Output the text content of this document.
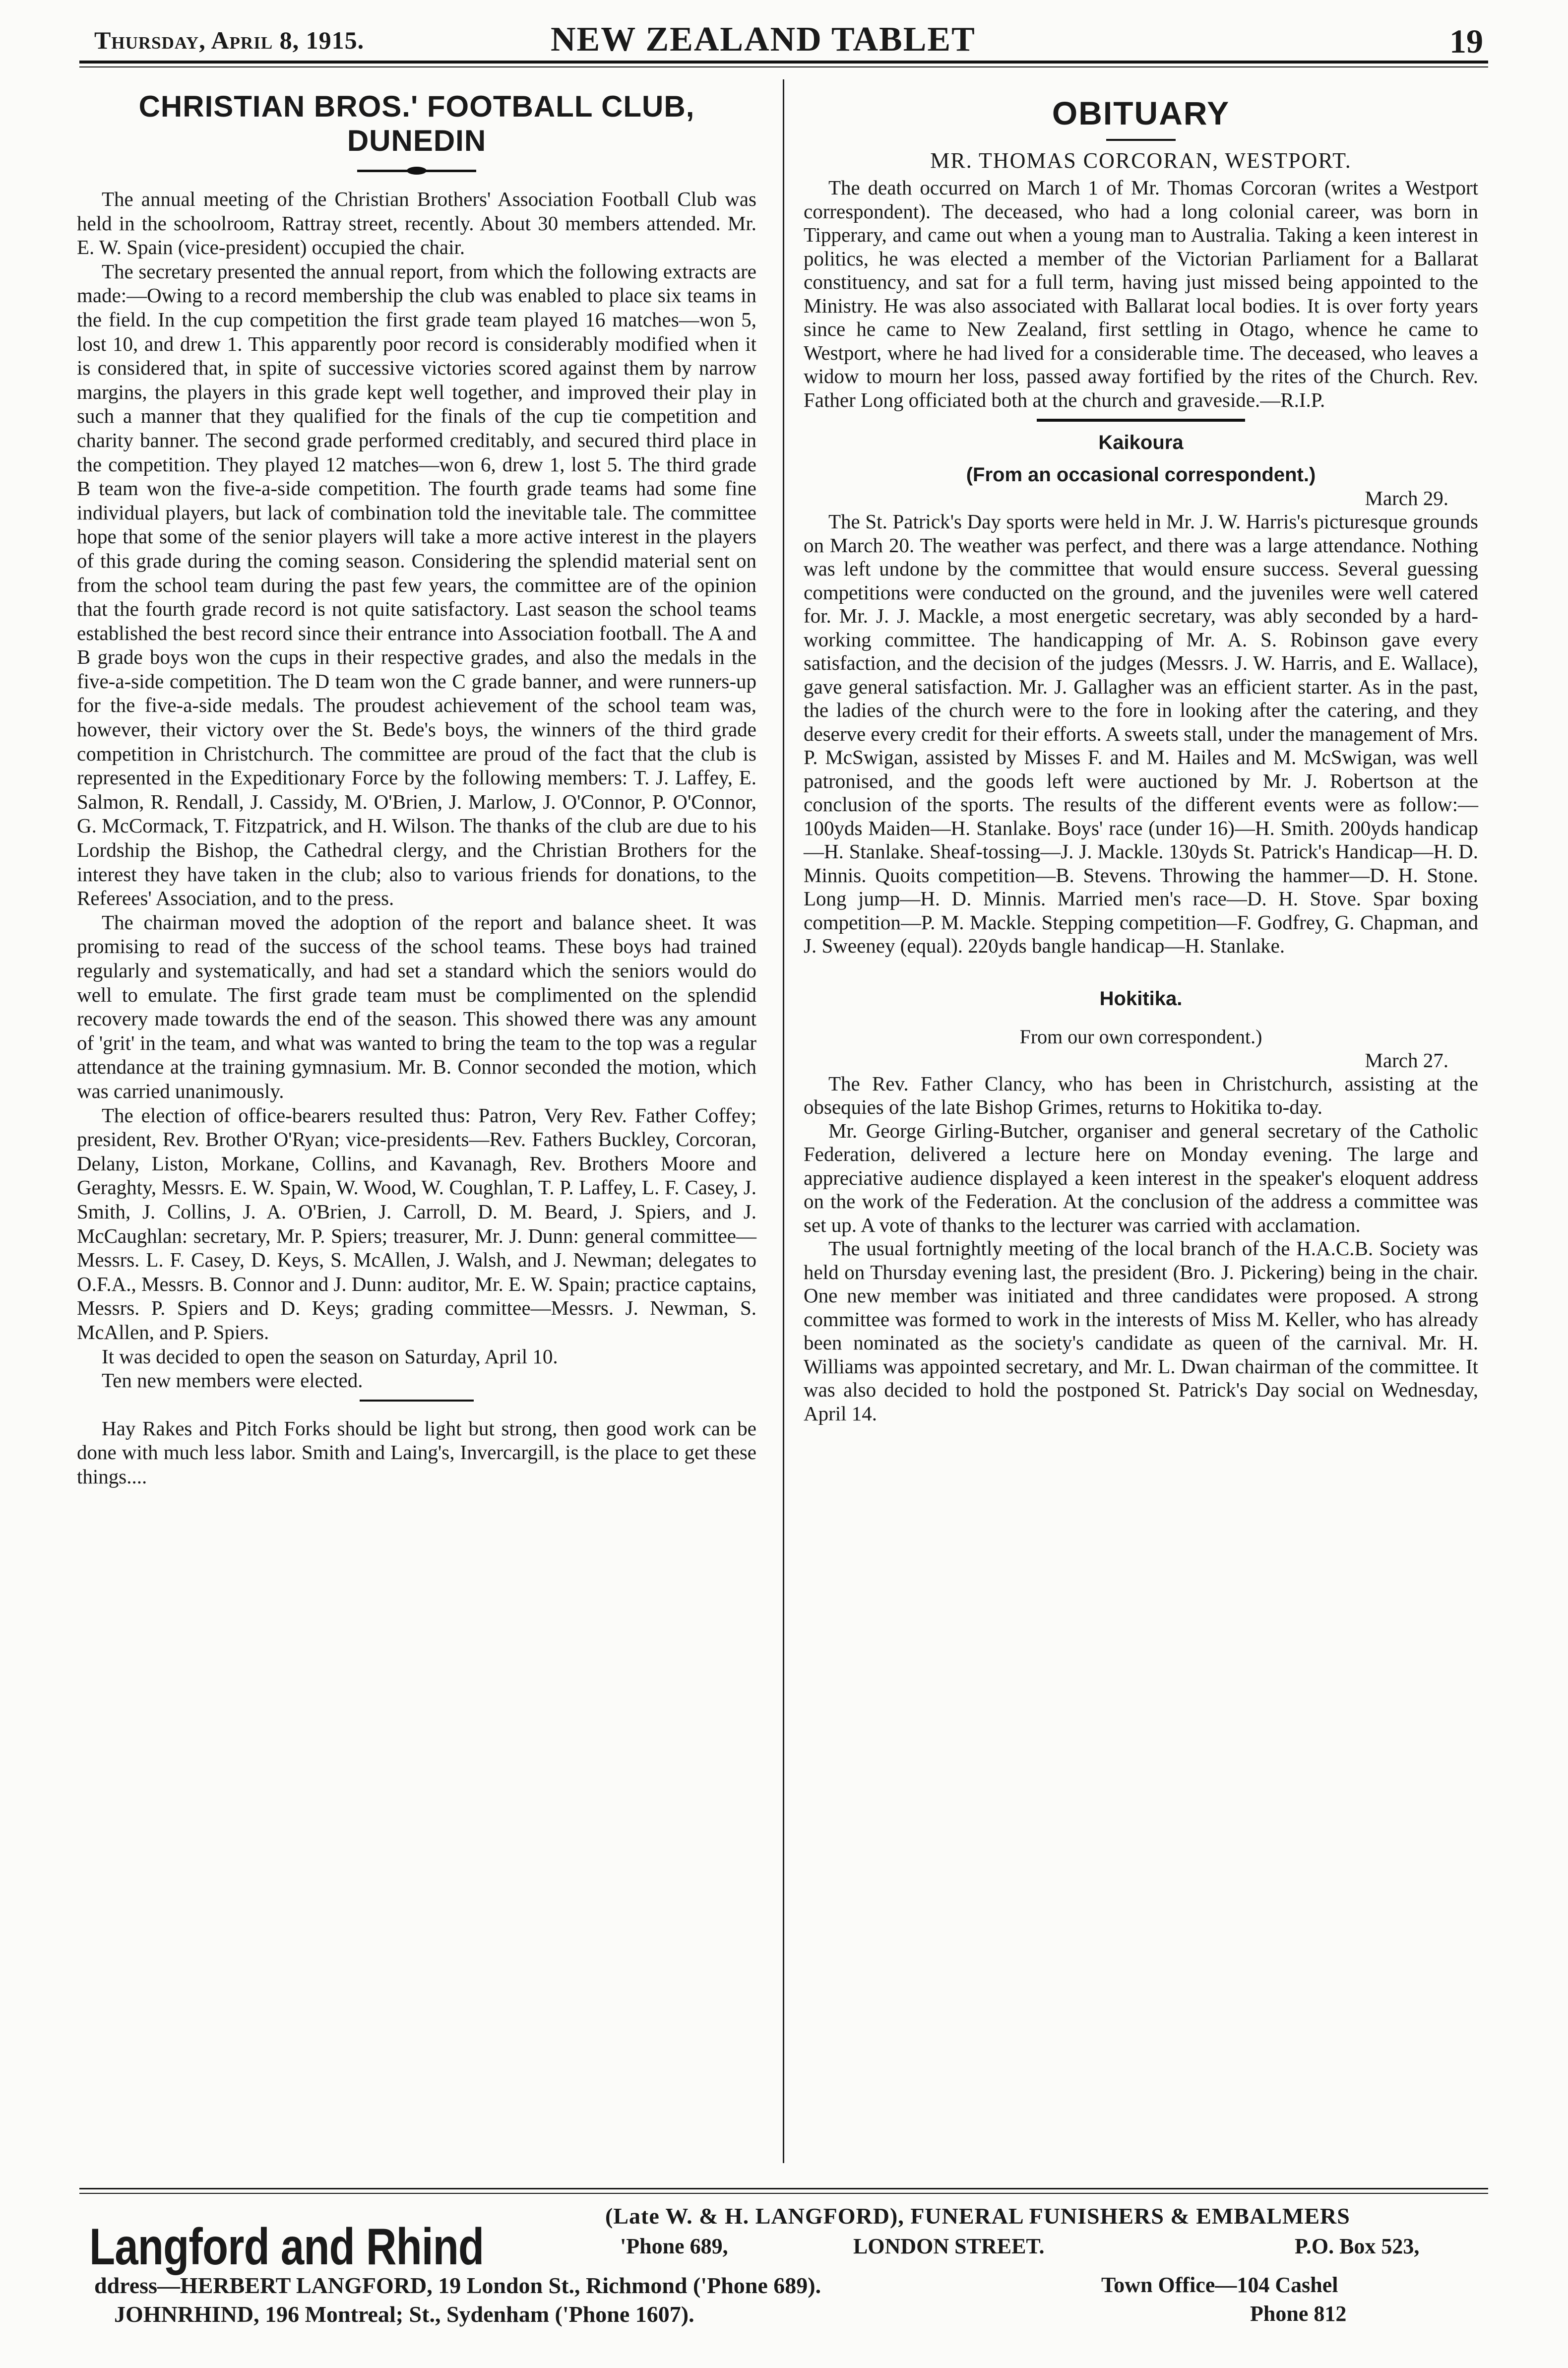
Thursday, April 8, 1915.	NEW ZEALAND TABLET	19
CHRISTIAN BROS.' FOOTBALL CLUB, DUNEDIN

The annual meeting of the Christian Brothers' Association Football Club was held in the schoolroom, Rattray street, recently. About 30 members attended. Mr. E. W. Spain (vice-president) occupied the chair.

The secretary presented the annual report, from which the following extracts are made:—Owing to a record membership the club was enabled to place six teams in the field. In the cup competition the first grade team played 16 matches—won 5, lost 10, and drew 1. This apparently poor record is considerably modified when it is considered that, in spite of successive victories scored against them by narrow margins, the players in this grade kept well together, and improved their play in such a manner that they qualified for the finals of the cup tie competition and charity banner. The second grade performed creditably, and secured third place in the competition. They played 12 matches—won 6, drew 1, lost 5. The third grade B team won the five-a-side competition. The fourth grade teams had some fine individual players, but lack of combination told the inevitable tale. The committee hope that some of the senior players will take a more active interest in the players of this grade during the coming season. Considering the splendid material sent on from the school team during the past few years, the committee are of the opinion that the fourth grade record is not quite satisfactory. Last season the school teams established the best record since their entrance into Association football. The A and B grade boys won the cups in their respective grades, and also the medals in the five-a-side competition. The D team won the C grade banner, and were runners-up for the five-a-side medals. The proudest achievement of the school team was, however, their victory over the St. Bede's boys, the winners of the third grade competition in Christchurch. The committee are proud of the fact that the club is represented in the Expeditionary Force by the following members: T. J. Laffey, E. Salmon, R. Rendall, J. Cassidy, M. O'Brien, J. Marlow, J. O'Connor, P. O'Connor, G. McCormack, T. Fitzpatrick, and H. Wilson. The thanks of the club are due to his Lordship the Bishop, the Cathedral clergy, and the Christian Brothers for the interest they have taken in the club; also to various friends for donations, to the Referees' Association, and to the press.

The chairman moved the adoption of the report and balance sheet. It was promising to read of the success of the school teams. These boys had trained regularly and systematically, and had set a standard which the seniors would do well to emulate. The first grade team must be complimented on the splendid recovery made towards the end of the season. This showed there was any amount of 'grit' in the team, and what was wanted to bring the team to the top was a regular attendance at the training gymnasium. Mr. B. Connor seconded the motion, which was carried unanimously.

The election of office-bearers resulted thus: Patron, Very Rev. Father Coffey; president, Rev. Brother O'Ryan; vice-presidents—Rev. Fathers Buckley, Corcoran, Delany, Liston, Morkane, Collins, and Kavanagh, Rev. Brothers Moore and Geraghty, Messrs. E. W. Spain, W. Wood, W. Coughlan, T. P. Laffey, L. F. Casey, J. Smith, J. Collins, J. A. O'Brien, J. Carroll, D. M. Beard, J. Spiers, and J. McCaughlan: secretary, Mr. P. Spiers; treasurer, Mr. J. Dunn: general committee—Messrs. L. F. Casey, D. Keys, S. McAllen, J. Walsh, and J. Newman; delegates to O.F.A., Messrs. B. Connor and J. Dunn: auditor, Mr. E. W. Spain; practice captains, Messrs. P. Spiers and D. Keys; grading committee—Messrs. J. Newman, S. McAllen, and P. Spiers.

It was decided to open the season on Saturday, April 10.

Ten new members were elected.

Hay Rakes and Pitch Forks should be light but strong, then good work can be done with much less labor. Smith and Laing's, Invercargill, is the place to get these things....

OBITUARY
MR. THOMAS CORCORAN, WESTPORT.

The death occurred on March 1 of Mr. Thomas Corcoran (writes a Westport correspondent). The deceased, who had a long colonial career, was born in Tipperary, and came out when a young man to Australia. Taking a keen interest in politics, he was elected a member of the Victorian Parliament for a Ballarat constituency, and sat for a full term, having just missed being appointed to the Ministry. He was also associated with Ballarat local bodies. It is over forty years since he came to New Zealand, first settling in Otago, whence he came to Westport, where he had lived for a considerable time. The deceased, who leaves a widow to mourn her loss, passed away fortified by the rites of the Church. Rev. Father Long officiated both at the church and graveside.—R.I.P.

Kaikoura
(From an occasional correspondent.)

March 29.

The St. Patrick's Day sports were held in Mr. J. W. Harris's picturesque grounds on March 20. The weather was perfect, and there was a large attendance. Nothing was left undone by the committee that would ensure success. Several guessing competitions were conducted on the ground, and the juveniles were well catered for. Mr. J. J. Mackle, a most energetic secretary, was ably seconded by a hard-working committee. The handicapping of Mr. A. S. Robinson gave every satisfaction, and the decision of the judges (Messrs. J. W. Harris, and E. Wallace), gave general satisfaction. Mr. J. Gallagher was an efficient starter. As in the past, the ladies of the church were to the fore in looking after the catering, and they deserve every credit for their efforts. A sweets stall, under the management of Mrs. P. McSwigan, assisted by Misses F. and M. Hailes and M. McSwigan, was well patronised, and the goods left were auctioned by Mr. J. Robertson at the conclusion of the sports. The results of the different events were as follow:—100yds Maiden—H. Stanlake. Boys' race (under 16)—H. Smith. 200yds handicap—H. Stanlake. Sheaf-tossing—J. J. Mackle. 130yds St. Patrick's Handicap—H. D. Minnis. Quoits competition—B. Stevens. Throwing the hammer—D. H. Stone. Long jump—H. D. Minnis. Married men's race—D. H. Stove. Spar boxing competition—P. M. Mackle. Stepping competition—F. Godfrey, G. Chapman, and J. Sweeney (equal). 220yds bangle handicap—H. Stanlake.

Hokitika.
From our own correspondent.)

March 27.

The Rev. Father Clancy, who has been in Christchurch, assisting at the obsequies of the late Bishop Grimes, returns to Hokitika to-day.

Mr. George Girling-Butcher, organiser and general secretary of the Catholic Federation, delivered a lecture here on Monday evening. The large and appreciative audience displayed a keen interest in the speaker's eloquent address on the work of the Federation. At the conclusion of the address a committee was set up. A vote of thanks to the lecturer was carried with acclamation.

The usual fortnightly meeting of the local branch of the H.A.C.B. Society was held on Thursday evening last, the president (Bro. J. Pickering) being in the chair. One new member was initiated and three candidates were proposed. A strong committee was formed to work in the interests of Miss M. Keller, who has already been nominated as the society's candidate as queen of the carnival. Mr. H. Williams was appointed secretary, and Mr. L. Dwan chairman of the committee. It was also decided to hold the postponed St. Patrick's Day social on Wednesday, April 14.

Langford and Rhind
(Late W. & H. LANGFORD), FUNERAL FUNISHERS & EMBALMERS
'Phone 689,	LONDON STREET.	P.O. Box 523,
ddress—HERBERT LANGFORD, 19 London St., Richmond ('Phone 689).
JOHNRHIND, 196 Montreal; St., Sydenham ('Phone 1607).
Town Office—104 Cashel
Phone 812
